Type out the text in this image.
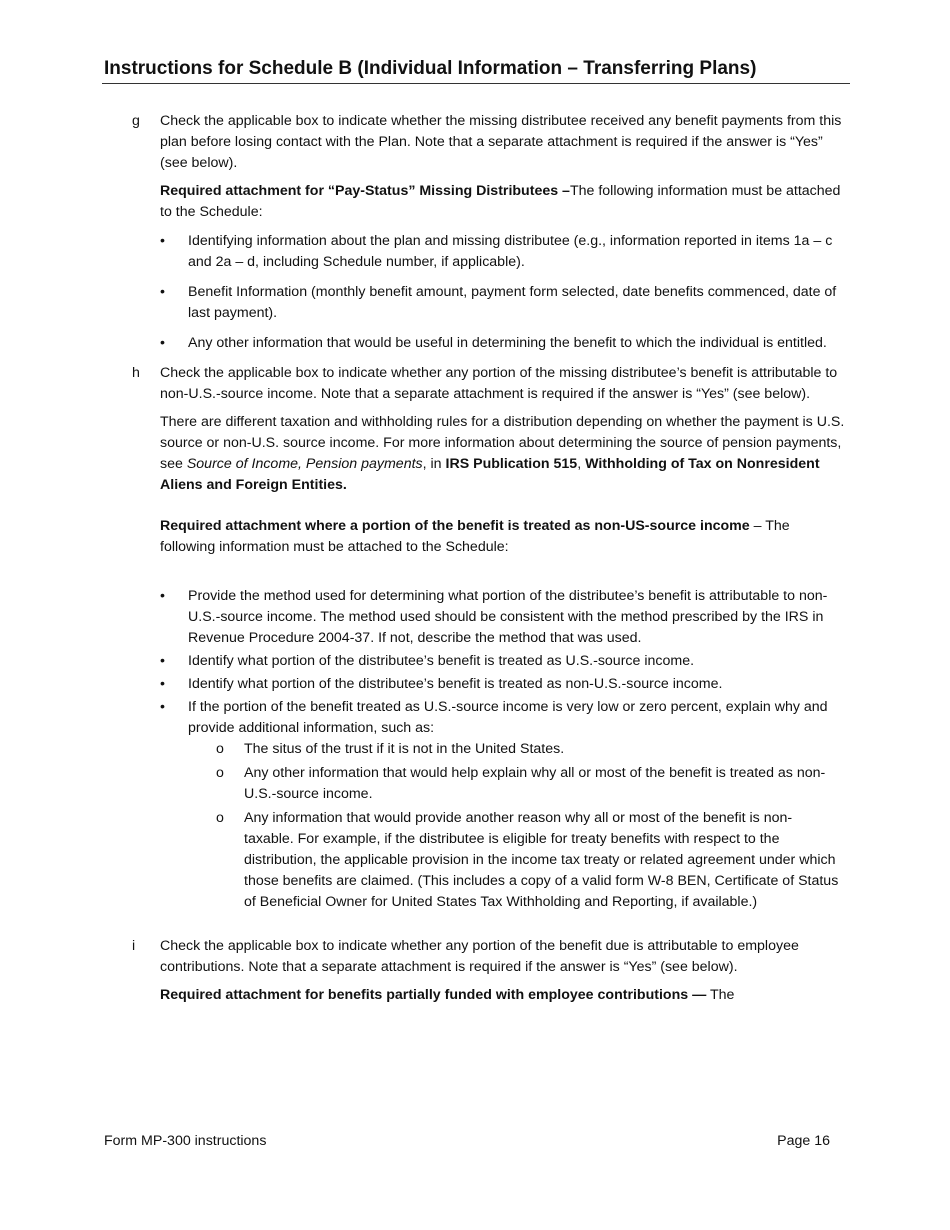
Instructions for Schedule B (Individual Information – Transferring Plans)
g Check the applicable box to indicate whether the missing distributee received any benefit payments from this plan before losing contact with the Plan. Note that a separate attachment is required if the answer is “Yes” (see below).

Required attachment for “Pay-Status” Missing Distributees –The following information must be attached to the Schedule:

• Identifying information about the plan and missing distributee (e.g., information reported in items 1a – c and 2a – d, including Schedule number, if applicable).
• Benefit Information (monthly benefit amount, payment form selected, date benefits commenced, date of last payment).
• Any other information that would be useful in determining the benefit to which the individual is entitled.
h Check the applicable box to indicate whether any portion of the missing distributee’s benefit is attributable to non-U.S.-source income. Note that a separate attachment is required if the answer is “Yes” (see below).

There are different taxation and withholding rules for a distribution depending on whether the payment is U.S. source or non-U.S. source income. For more information about determining the source of pension payments, see Source of Income, Pension payments, in IRS Publication 515, Withholding of Tax on Nonresident Aliens and Foreign Entities.

Required attachment where a portion of the benefit is treated as non-US-source income – The following information must be attached to the Schedule:

• Provide the method used for determining what portion of the distributee’s benefit is attributable to non-U.S.-source income. The method used should be consistent with the method prescribed by the IRS in Revenue Procedure 2004-37. If not, describe the method that was used.
• Identify what portion of the distributee’s benefit is treated as U.S.-source income.
• Identify what portion of the distributee’s benefit is treated as non-U.S.-source income.
• If the portion of the benefit treated as U.S.-source income is very low or zero percent, explain why and provide additional information, such as:
o The situs of the trust if it is not in the United States.
o Any other information that would help explain why all or most of the benefit is treated as non-U.S.-source income.
o Any information that would provide another reason why all or most of the benefit is non- taxable. For example, if the distributee is eligible for treaty benefits with respect to the distribution, the applicable provision in the income tax treaty or related agreement under which those benefits are claimed. (This includes a copy of a valid form W-8 BEN, Certificate of Status of Beneficial Owner for United States Tax Withholding and Reporting, if available.)
i Check the applicable box to indicate whether any portion of the benefit due is attributable to employee contributions. Note that a separate attachment is required if the answer is “Yes” (see below).

Required attachment for benefits partially funded with employee contributions — The

Form MP-300 instructions	Page 16
